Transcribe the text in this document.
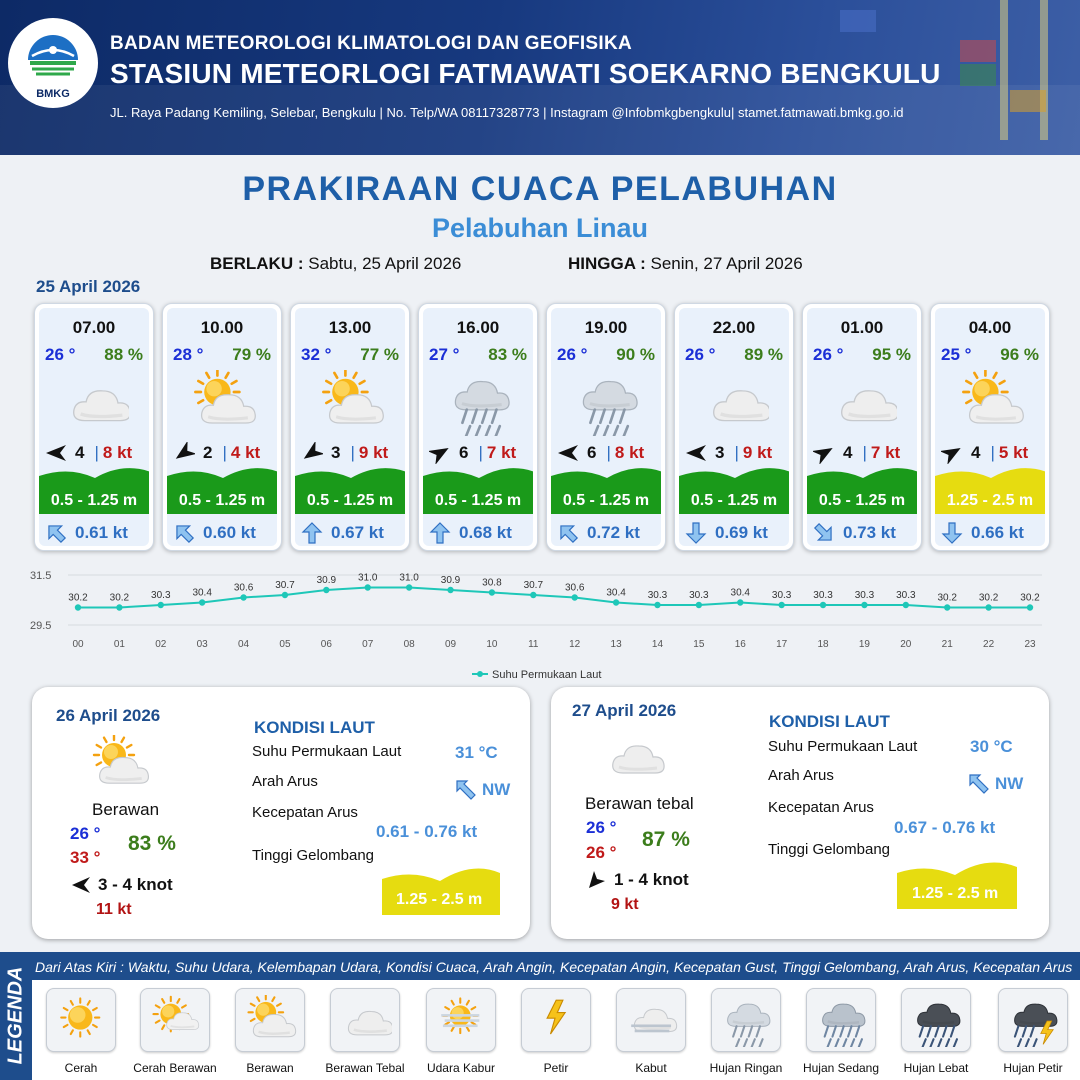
BMKG
BADAN METEOROLOGI KLIMATOLOGI DAN GEOFISIKA
STASIUN METEORLOGI FATMAWATI SOEKARNO BENGKULU
JL. Raya Padang Kemiling, Selebar, Bengkulu | No. Telp/WA 08117328773 | Instagram @Infobmkgbengkulu| stamet.fatmawati.bmkg.go.id
PRAKIRAAN CUACA PELABUHAN
Pelabuhan Linau
BERLAKU : Sabtu, 25 April 2026	HINGGA : Senin, 27 April 2026
25 April 2026
07.00
26 ° 88 %
4 | 8 kt
0.5 - 1.25 m
0.61 kt
10.00
28 ° 79 %
2 | 4 kt
0.5 - 1.25 m
0.60 kt
13.00
32 ° 77 %
3 | 9 kt
0.5 - 1.25 m
0.67 kt
16.00
27 ° 83 %
6 | 7 kt
0.5 - 1.25 m
0.68 kt
19.00
26 ° 90 %
6 | 8 kt
0.5 - 1.25 m
0.72 kt
22.00
26 ° 89 %
3 | 9 kt
0.5 - 1.25 m
0.69 kt
01.00
26 ° 95 %
4 | 7 kt
0.5 - 1.25 m
0.73 kt
04.00
25 ° 96 %
4 | 5 kt
1.25 - 2.5 m
0.66 kt
31.5
29.5
30.2
00
30.2
01
30.3
02
30.4
03
30.6
04
30.7
05
30.9
06
31.0
07
31.0
08
30.9
09
30.8
10
30.7
11
30.6
12
30.4
13
30.3
14
30.3
15
30.4
16
30.3
17
30.3
18
30.3
19
30.3
20
30.2
21
30.2
22
30.2
23
Suhu Permukaan Laut
26 April 2026
Berawan
26 °
33 °
83 %
3 - 4 knot
11 kt
KONDISI LAUT
Suhu Permukaan Laut	31 °C
Arah Arus	NW
Kecepatan Arus
0.61 - 0.76 kt
Tinggi Gelombang
1.25 - 2.5 m
27 April 2026
Berawan tebal
26 °
26 °
87 %
1 - 4 knot
9 kt
KONDISI LAUT
Suhu Permukaan Laut	30 °C
Arah Arus	NW
Kecepatan Arus
0.67 - 0.76 kt
Tinggi Gelombang
1.25 - 2.5 m
LEGENDA Dari Atas Kiri : Waktu, Suhu Udara, Kelembapan Udara, Kondisi Cuaca, Arah Angin, Kecepatan Angin, Kecepatan Gust, Tinggi Gelombang, Arah Arus, Kecepatan Arus
Cerah	Cerah Berawan	Berawan	Berawan Tebal	Udara Kabur	Petir	Kabut	Hujan Ringan	Hujan Sedang	Hujan Lebat	Hujan Petir
